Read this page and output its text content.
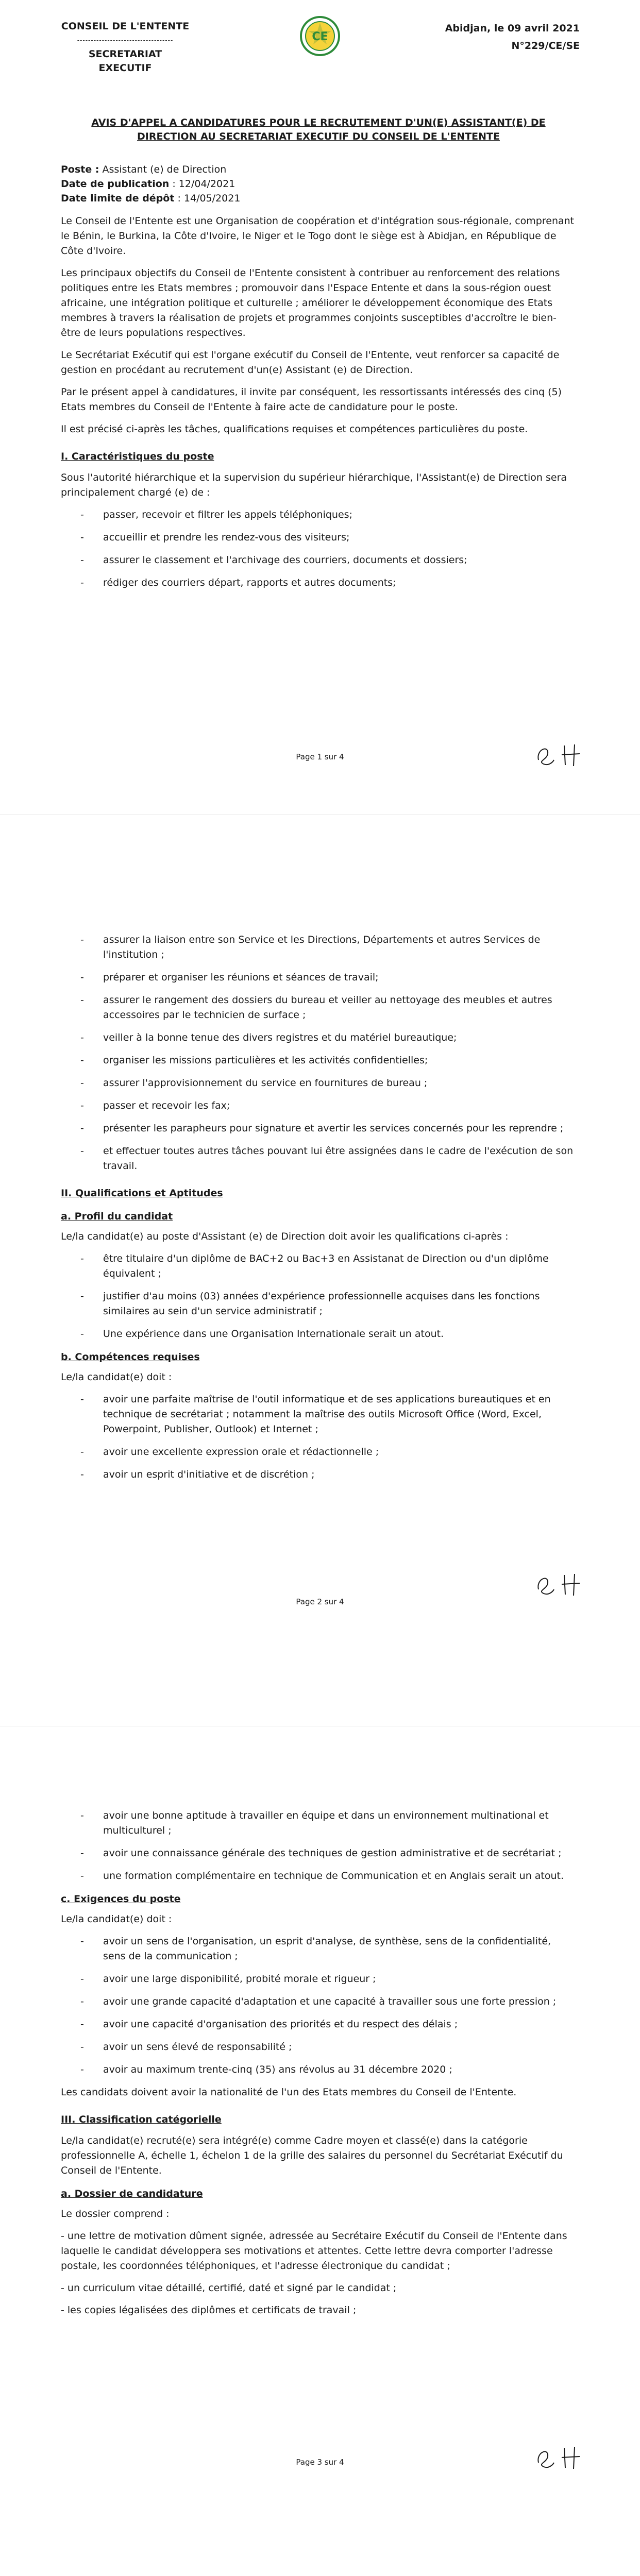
CONSEIL DE L'ENTENTE
-----------------------------------
SECRETARIAT EXECUTIF
CE
Abidjan, le 09 avril 2021
N°229/CE/SE
AVIS D'APPEL A CANDIDATURES POUR LE RECRUTEMENT D'UN(E) ASSISTANT(E) DE
DIRECTION AU SECRETARIAT EXECUTIF DU CONSEIL DE L'ENTENTE
Poste : Assistant (e) de Direction
Date de publication : 12/04/2021
Date limite de dépôt : 14/05/2021

Le Conseil de l'Entente est une Organisation de coopération et d'intégration sous-régionale, comprenant le Bénin, le Burkina, la Côte d'Ivoire, le Niger et le Togo dont le siège est à Abidjan, en République de Côte d'Ivoire.

Les principaux objectifs du Conseil de l'Entente consistent à contribuer au renforcement des relations politiques entre les Etats membres ; promouvoir dans l'Espace Entente et dans la sous-région ouest africaine, une intégration politique et culturelle ; améliorer le développement économique des Etats membres à travers la réalisation de projets et programmes conjoints susceptibles d'accroître le bien-être de leurs populations respectives.

Le Secrétariat Exécutif qui est l'organe exécutif du Conseil de l'Entente, veut renforcer sa capacité de gestion en procédant au recrutement d'un(e) Assistant (e) de Direction.

Par le présent appel à candidatures, il invite par conséquent, les ressortissants intéressés des cinq (5) Etats membres du Conseil de l'Entente à faire acte de candidature pour le poste.

Il est précisé ci-après les tâches, qualifications requises et compétences particulières du poste.

I. Caractéristiques du poste

Sous l'autorité hiérarchique et la supervision du supérieur hiérarchique, l'Assistant(e) de Direction sera principalement chargé (e) de :

- passer, recevoir et filtrer les appels téléphoniques;
- accueillir et prendre les rendez-vous des visiteurs;
- assurer le classement et l'archivage des courriers, documents et dossiers;
- rédiger des courriers départ, rapports et autres documents;
Page 1 sur 4
- assurer la liaison entre son Service et les Directions, Départements et autres Services de l'institution ;
- préparer et organiser les réunions et séances de travail;
- assurer le rangement des dossiers du bureau et veiller au nettoyage des meubles et autres accessoires par le technicien de surface ;
- veiller à la bonne tenue des divers registres et du matériel bureautique;
- organiser les missions particulières et les activités confidentielles;
- assurer l'approvisionnement du service en fournitures de bureau ;
- passer et recevoir les fax;
- présenter les parapheurs pour signature et avertir les services concernés pour les reprendre ;
- et effectuer toutes autres tâches pouvant lui être assignées dans le cadre de l'exécution de son travail.
II. Qualifications et Aptitudes
a. Profil du candidat

Le/la candidat(e) au poste d'Assistant (e) de Direction doit avoir les qualifications ci-après :

- être titulaire d'un diplôme de BAC+2 ou Bac+3 en Assistanat de Direction ou d'un diplôme équivalent ;
- justifier d'au moins (03) années d'expérience professionnelle acquises dans les fonctions similaires au sein d'un service administratif ;
- Une expérience dans une Organisation Internationale serait un atout.
b. Compétences requises

Le/la candidat(e) doit :

- avoir une parfaite maîtrise de l'outil informatique et de ses applications bureautiques et en technique de secrétariat ; notamment la maîtrise des outils Microsoft Office (Word, Excel, Powerpoint, Publisher, Outlook) et Internet ;
- avoir une excellente expression orale et rédactionnelle ;
- avoir un esprit d'initiative et de discrétion ;
Page 2 sur 4
- avoir une bonne aptitude à travailler en équipe et dans un environnement multinational et multiculturel ;
- avoir une connaissance générale des techniques de gestion administrative et de secrétariat ;
- une formation complémentaire en technique de Communication et en Anglais serait un atout.
c. Exigences du poste

Le/la candidat(e) doit :

- avoir un sens de l'organisation, un esprit d'analyse, de synthèse, sens de la confidentialité, sens de la communication ;
- avoir une large disponibilité, probité morale et rigueur ;
- avoir une grande capacité d'adaptation et une capacité à travailler sous une forte pression ;
- avoir une capacité d'organisation des priorités et du respect des délais ;
- avoir un sens élevé de responsabilité ;
- avoir au maximum trente-cinq (35) ans révolus au 31 décembre 2020 ;

Les candidats doivent avoir la nationalité de l'un des Etats membres du Conseil de l'Entente.

III. Classification catégorielle

Le/la candidat(e) recruté(e) sera intégré(e) comme Cadre moyen et classé(e) dans la catégorie professionnelle A, échelle 1, échelon 1 de la grille des salaires du personnel du Secrétariat Exécutif du Conseil de l'Entente.

a. Dossier de candidature

Le dossier comprend :

- une lettre de motivation dûment signée, adressée au Secrétaire Exécutif du Conseil de l'Entente dans laquelle le candidat développera ses motivations et attentes. Cette lettre devra comporter l'adresse postale, les coordonnées téléphoniques, et l'adresse électronique du candidat ;

- un curriculum vitae détaillé, certifié, daté et signé par le candidat ;

- les copies légalisées des diplômes et certificats de travail ;

Page 3 sur 4
